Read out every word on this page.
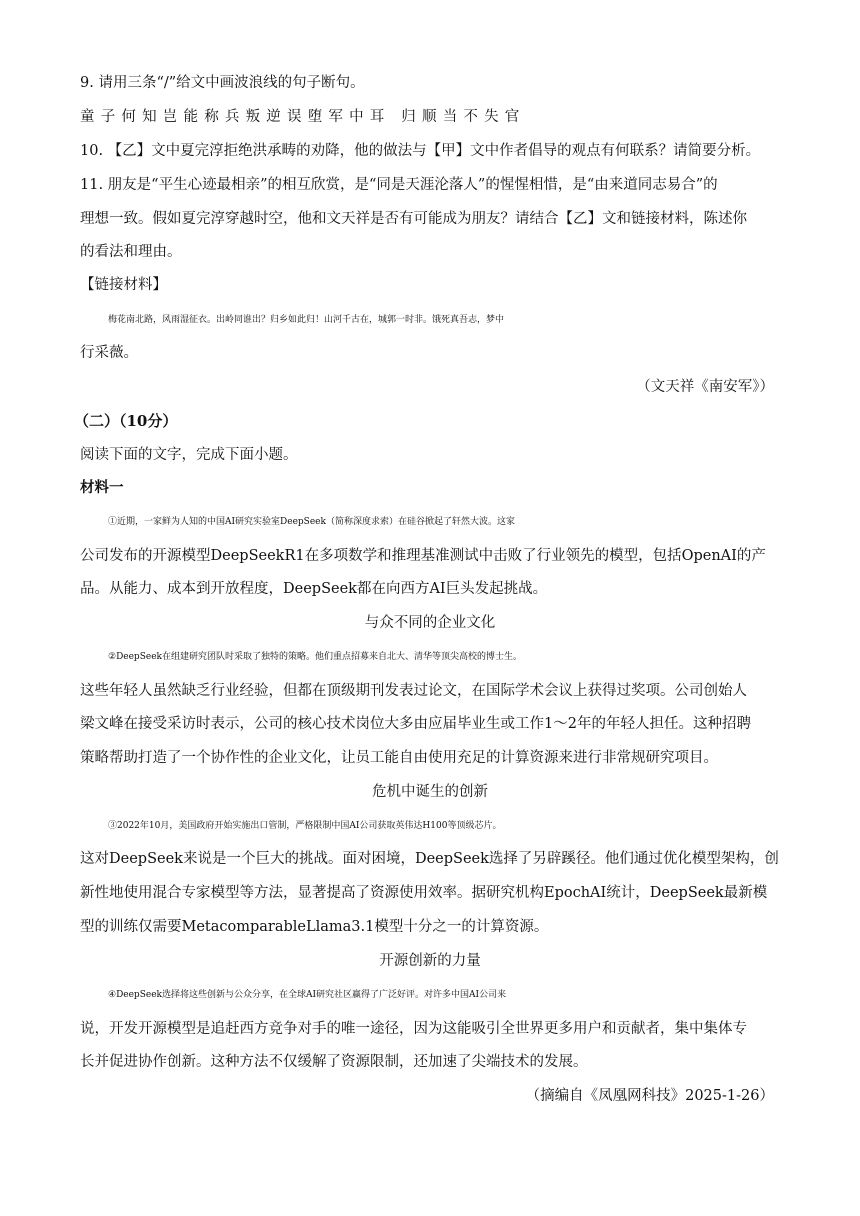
9. 请用三条“/”给文中画波浪线的句子断句。
童子何知岂能称兵叛逆误堕军中耳 归顺当不失官
10. 【乙】文中夏完淳拒绝洪承畴的劝降，他的做法与【甲】文中作者倡导的观点有何联系？请简要分析。
11. 朋友是“平生心迹最相亲”的相互欣赏，是“同是天涯沦落人”的惺惺相惜，是“由来道同志易合”的
理想一致。假如夏完淳穿越时空，他和文天祥是否有可能成为朋友？请结合【乙】文和链接材料，陈述你
的看法和理由。
【链接材料】
梅花南北路，风雨湿征衣。出岭同谁出？归乡如此归！山河千古在，城郭一时非。饿死真吾志，梦中
行采薇。
（文天祥《南安军》）
（二）（10分）
阅读下面的文字，完成下面小题。
材料一
①近期，一家鲜为人知的中国AI研究实验室DeepSeek（简称深度求索）在硅谷掀起了轩然大波。这家
公司发布的开源模型DeepSeekR1在多项数学和推理基准测试中击败了行业领先的模型，包括OpenAI的产
品。从能力、成本到开放程度，DeepSeek都在向西方AI巨头发起挑战。
与众不同的企业文化
②DeepSeek在组建研究团队时采取了独特的策略。他们重点招募来自北大、清华等顶尖高校的博士生。
这些年轻人虽然缺乏行业经验，但都在顶级期刊发表过论文，在国际学术会议上获得过奖项。公司创始人
梁文峰在接受采访时表示，公司的核心技术岗位大多由应届毕业生或工作1～2年的年轻人担任。这种招聘
策略帮助打造了一个协作性的企业文化，让员工能自由使用充足的计算资源来进行非常规研究项目。
危机中诞生的创新
③2022年10月，美国政府开始实施出口管制，严格限制中国AI公司获取英伟达H100等顶级芯片。
这对DeepSeek来说是一个巨大的挑战。面对困境，DeepSeek选择了另辟蹊径。他们通过优化模型架构，创
新性地使用混合专家模型等方法，显著提高了资源使用效率。据研究机构EpochAI统计，DeepSeek最新模
型的训练仅需要MetacomparableLlama3.1模型十分之一的计算资源。
开源创新的力量
④DeepSeek选择将这些创新与公众分享，在全球AI研究社区赢得了广泛好评。对许多中国AI公司来
说，开发开源模型是追赶西方竞争对手的唯一途径，因为这能吸引全世界更多用户和贡献者，集中集体专
长并促进协作创新。这种方法不仅缓解了资源限制，还加速了尖端技术的发展。
（摘编自《凤凰网科技》2025-1-26）
